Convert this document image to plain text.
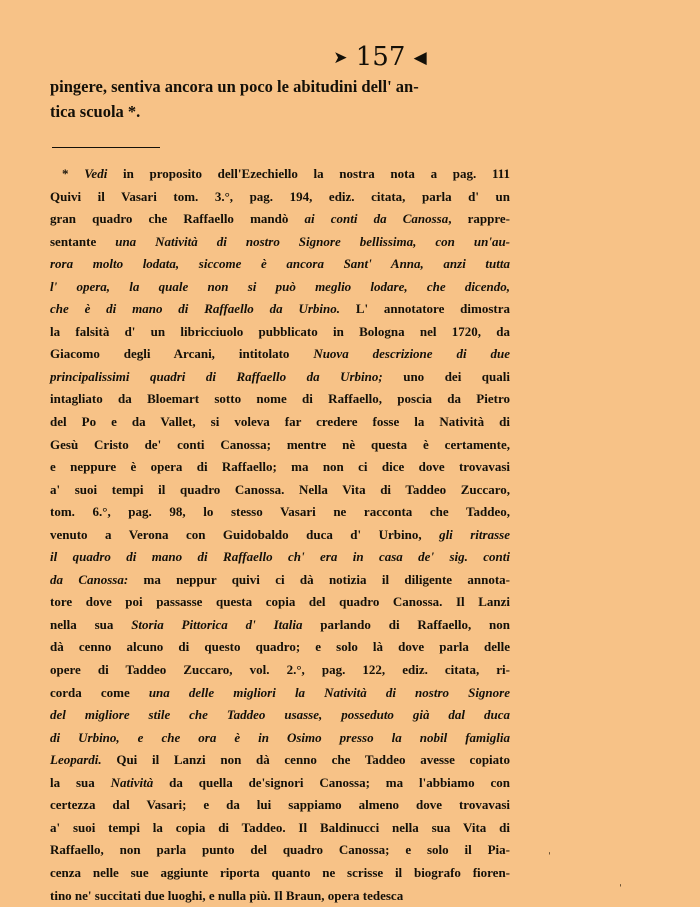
➤ 157 ◀
pingere, sentiva ancora un poco le abitudini dell' an-
tica scuola *.
* Vedi in proposito dell'Ezechiello la nostra nota a pag. 111
Quivi il Vasari tom. 3.°, pag. 194, ediz. citata, parla d' un
gran quadro che Raffaello mandò ai conti da Canossa, rappre-
sentante una Natività di nostro Signore bellissima, con un'au-
rora molto lodata, siccome è ancora Sant' Anna, anzi tutta
l' opera, la quale non si può meglio lodare, che dicendo,
che è di mano di Raffaello da Urbino. L' annotatore dimostra
la falsità d' un libricciuolo pubblicato in Bologna nel 1720, da
Giacomo degli Arcani, intitolato Nuova descrizione di due
principalissimi quadri di Raffaello da Urbino; uno dei quali
intagliato da Bloemart sotto nome di Raffaello, poscia da Pietro
del Po e da Vallet, si voleva far credere fosse la Natività di
Gesù Cristo de' conti Canossa; mentre nè questa è certamente,
e neppure è opera di Raffaello; ma non ci dice dove trovavasi
a' suoi tempi il quadro Canossa. Nella Vita di Taddeo Zuccaro,
tom. 6.°, pag. 98, lo stesso Vasari ne racconta che Taddeo,
venuto a Verona con Guidobaldo duca d' Urbino, gli ritrasse
il quadro di mano di Raffaello ch' era in casa de' sig. conti
da Canossa: ma neppur quivi ci dà notizia il diligente annota-
tore dove poi passasse questa copia del quadro Canossa. Il Lanzi
nella sua Storia Pittorica d' Italia parlando di Raffaello, non
dà cenno alcuno di questo quadro; e solo là dove parla delle
opere di Taddeo Zuccaro, vol. 2.°, pag. 122, ediz. citata, ri-
corda come una delle migliori la Natività di nostro Signore
del migliore stile che Taddeo usasse, posseduto già dal duca
di Urbino, e che ora è in Osimo presso la nobil famiglia
Leopardi. Qui il Lanzi non dà cenno che Taddeo avesse copiato
la sua Natività da quella de'signori Canossa; ma l'abbiamo con
certezza dal Vasari; e da lui sappiamo almeno dove trovavasi
a' suoi tempi la copia di Taddeo. Il Baldinucci nella sua Vita di
Raffaello, non parla punto del quadro Canossa; e solo il Pia-
cenza nelle sue aggiunte riporta quanto ne scrisse il biografo fioren-
tino ne' succitati due luoghi, e nulla più. Il Braun, opera tedesca
ˈ
ˈ
